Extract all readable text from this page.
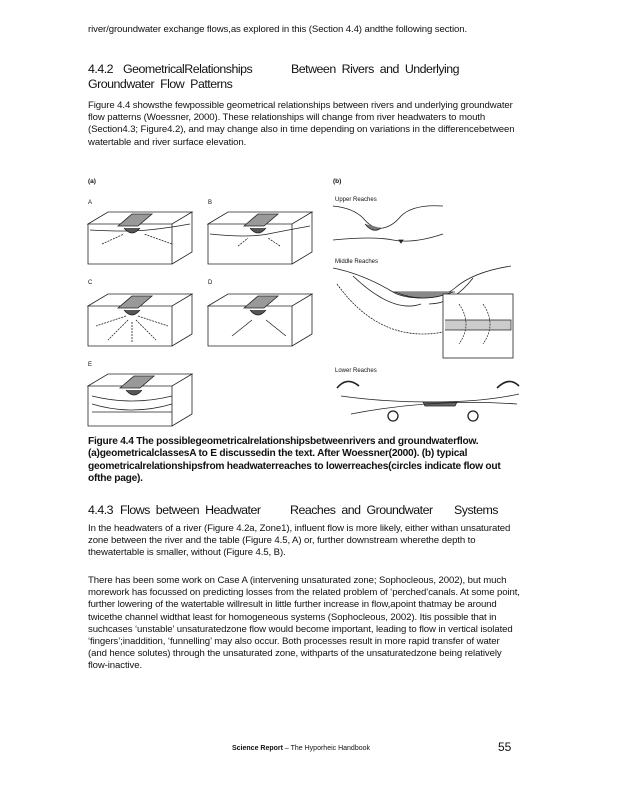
river/groundwater exchange flows,as explored in this (Section 4.4) andthe following section.
4.4.2 GeometricalRelationships	Between Rivers and Underlying
Groundwater Flow Patterns
Figure 4.4 showsthe fewpossible geometrical relationships between rivers and underlying groundwater flow patterns (Woessner, 2000). These relationships will change from river headwaters to mouth (Section4.3; Figure4.2), and may change also in time depending on variations in the differencebetween watertable and river surface elevation.
(a)	(b)
A	B
C	D
E
Upper Reaches
Middle Reaches
Lower Reaches
Figure 4.4 The possiblegeometricalrelationshipsbetweenrivers and groundwaterflow. (a)geometricalclassesA to E discussedin the text. After Woessner(2000). (b) typical geometricalrelationshipsfrom headwaterreaches to lowerreaches(circles indicate flow out ofthe page).
4.4.3 Flows between Headwater Reaches and Groundwater Systems
In the headwaters of a river (Figure 4.2a, Zone1), influent flow is more likely, either withan unsaturated zone between the river and the table (Figure 4.5, A) or, further downstream wherethe depth to thewatertable is smaller, without (Figure 4.5, B).
There has been some work on Case A (intervening unsaturated zone; Sophocleous, 2002), but much morework has focussed on predicting losses from the related problem of ‘perched’canals. At some point, further lowering of the watertable willresult in little further increase in flow,apoint thatmay be around twicethe channel widthat least for homogeneous systems (Sophocleous, 2002). Itis possible that in suchcases ‘unstable’ unsaturatedzone flow would become important, leading to flow in vertical isolated ‘fingers’;inaddition, ‘funnelling’ may also occur. Both processes result in more rapid transfer of water (and hence solutes) through the unsaturated zone, withparts of the unsaturatedzone being relatively flow-inactive.
Science Report – The Hyporheic Handbook	55
